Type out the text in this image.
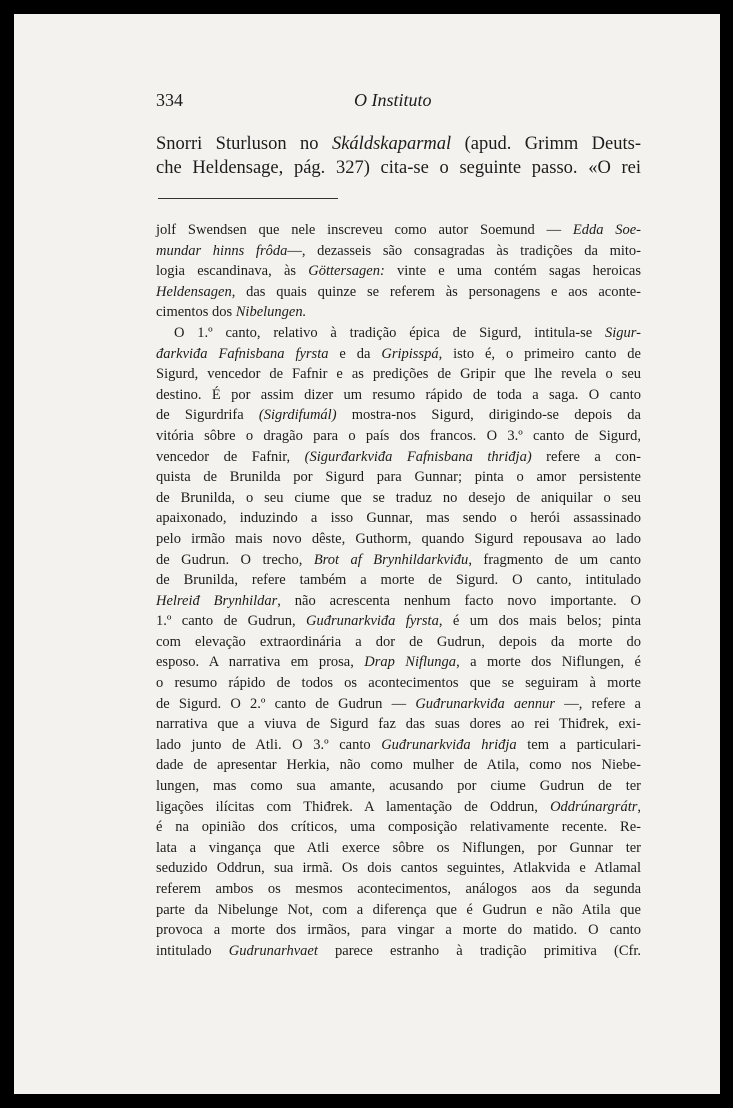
334	O Instituto
Snorri Sturluson no Skáldskaparmal (apud. Grimm Deuts-
che Heldensage, pág. 327) cita-se o seguinte passo. «O rei
jolf Swendsen que nele inscreveu como autor Soemund — Edda Soe-
mundar hinns frôda—, dezasseis são consagradas às tradições da mito-
logia escandinava, às Göttersagen: vinte e uma contém sagas heroicas
Heldensagen, das quais quinze se referem às personagens e aos aconte-
cimentos dos Nibelungen.
O 1.º canto, relativo à tradição épica de Sigurd, intitula-se Sigur-
đarkviđa Fafnisbana fyrsta e da Gripisspá, isto é, o primeiro canto de
Sigurd, vencedor de Fafnir e as predições de Gripir que lhe revela o seu
destino. É por assim dizer um resumo rápido de toda a saga. O canto
de Sigurdrifa (Sigrdifumál) mostra-nos Sigurd, dirigindo-se depois da
vitória sôbre o dragão para o país dos francos. O 3.º canto de Sigurd,
vencedor de Fafnir, (Sigurđarkviđa Fafnisbana thriđja) refere a con-
quista de Brunilda por Sigurd para Gunnar; pinta o amor persistente
de Brunilda, o seu ciume que se traduz no desejo de aniquilar o seu
apaixonado, induzindo a isso Gunnar, mas sendo o herói assassinado
pelo irmão mais novo dêste, Guthorm, quando Sigurd repousava ao lado
de Gudrun. O trecho, Brot af Brynhildarkviđu, fragmento de um canto
de Brunilda, refere também a morte de Sigurd. O canto, intitulado
Helreiđ Brynhildar, não acrescenta nenhum facto novo importante. O
1.º canto de Gudrun, Guđrunarkviđa fyrsta, é um dos mais belos; pinta
com elevação extraordinária a dor de Gudrun, depois da morte do
esposo. A narrativa em prosa, Drap Niflunga, a morte dos Niflungen, é
o resumo rápido de todos os acontecimentos que se seguiram à morte
de Sigurd. O 2.º canto de Gudrun — Guđrunarkviđa aennur —, refere a
narrativa que a viuva de Sigurd faz das suas dores ao rei Thiđrek, exi-
lado junto de Atli. O 3.º canto Guđrunarkviđa hriđja tem a particulari-
dade de apresentar Herkia, não como mulher de Atila, como nos Niebe-
lungen, mas como sua amante, acusando por ciume Gudrun de ter
ligações ilícitas com Thiđrek. A lamentação de Oddrun, Oddrúnargrátr,
é na opinião dos críticos, uma composição relativamente recente. Re-
lata a vingança que Atli exerce sôbre os Niflungen, por Gunnar ter
seduzido Oddrun, sua irmã. Os dois cantos seguintes, Atlakvida e Atlamal
referem ambos os mesmos acontecimentos, análogos aos da segunda
parte da Nibelunge Not, com a diferença que é Gudrun e não Atila que
provoca a morte dos irmãos, para vingar a morte do matido. O canto
intitulado Gudrunarhvaet parece estranho à tradição primitiva (Cfr.
